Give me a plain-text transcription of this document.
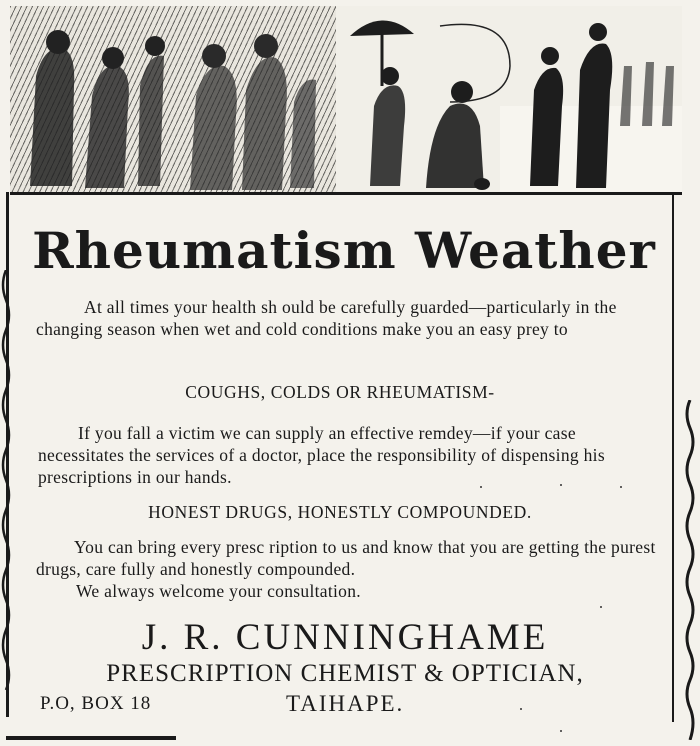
Rheumatism Weather
At all times your health sh ould be carefully guarded—particularly in the changing season when wet and cold conditions make you an easy prey to
COUGHS, COLDS OR RHEUMATISM-
If you fall a victim we can supply an effective remdey—if your case necessitates the services of a doctor, place the responsibility of dispensing his prescriptions in our hands.
HONEST DRUGS, HONESTLY COMPOUNDED.
You can bring every presc ription to us and know that you are getting the purest drugs, care fully and honestly compounded.
We always welcome your consultation.
J. R. CUNNINGHAME
PRESCRIPTION CHEMIST & OPTICIAN,
P.O, BOX 18	TAIHAPE.
